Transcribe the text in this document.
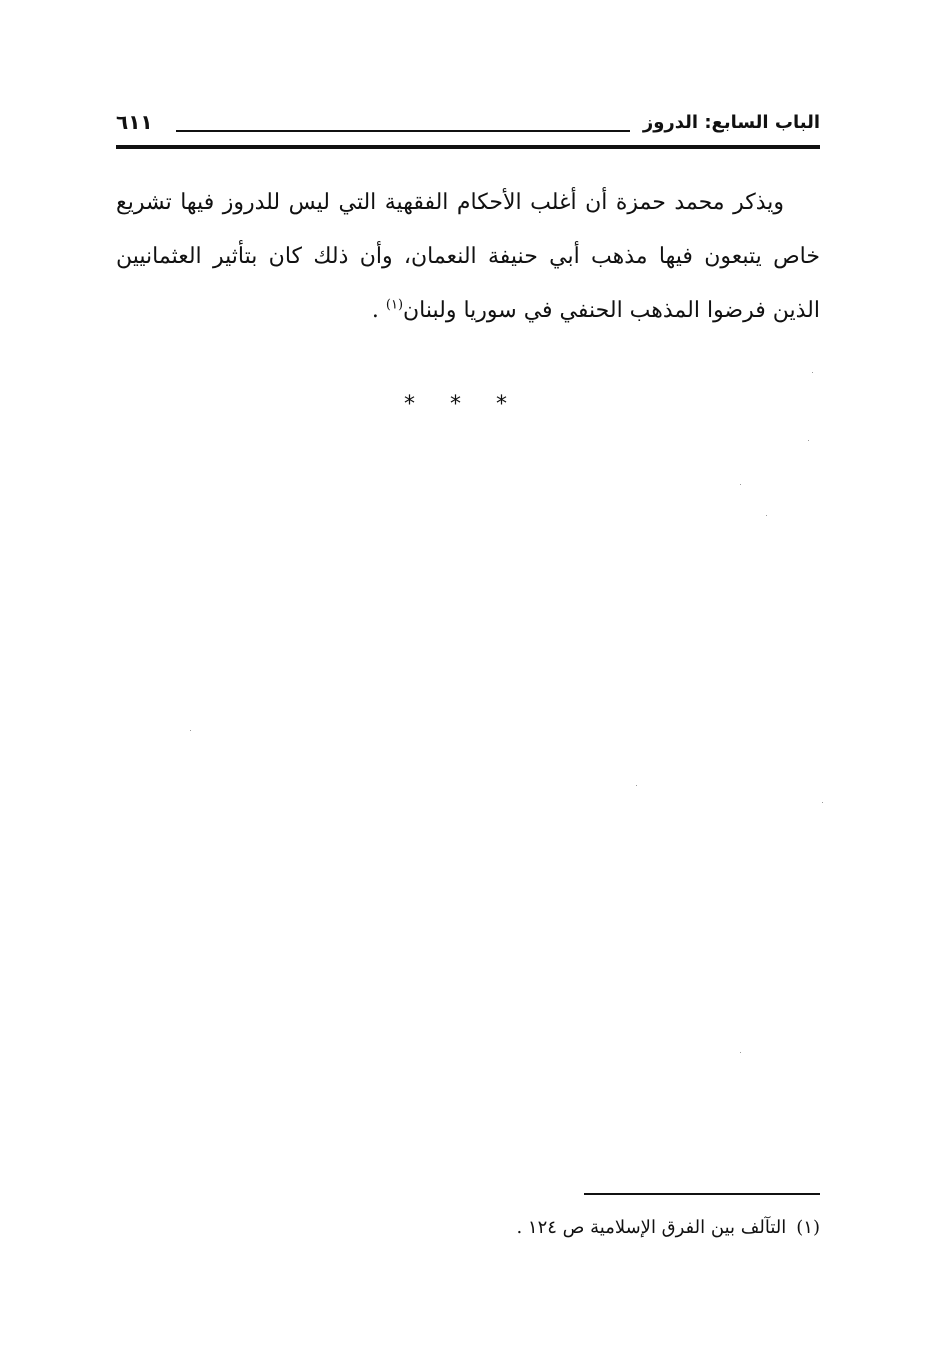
الباب السابع: الدروز
٦١١

ويذكر محمد حمزة أن أغلب الأحكام الفقهية التي ليس للدروز فيها تشريع خاص يتبعون فيها مذهب أبي حنيفة النعمان، وأن ذلك كان بتأثير العثمانيين الذين فرضوا المذهب الحنفي في سوريا ولبنان$^{(١)}$ .

* * *
(١)التآلف بين الفرق الإسلامية ص ١٢٤ .
